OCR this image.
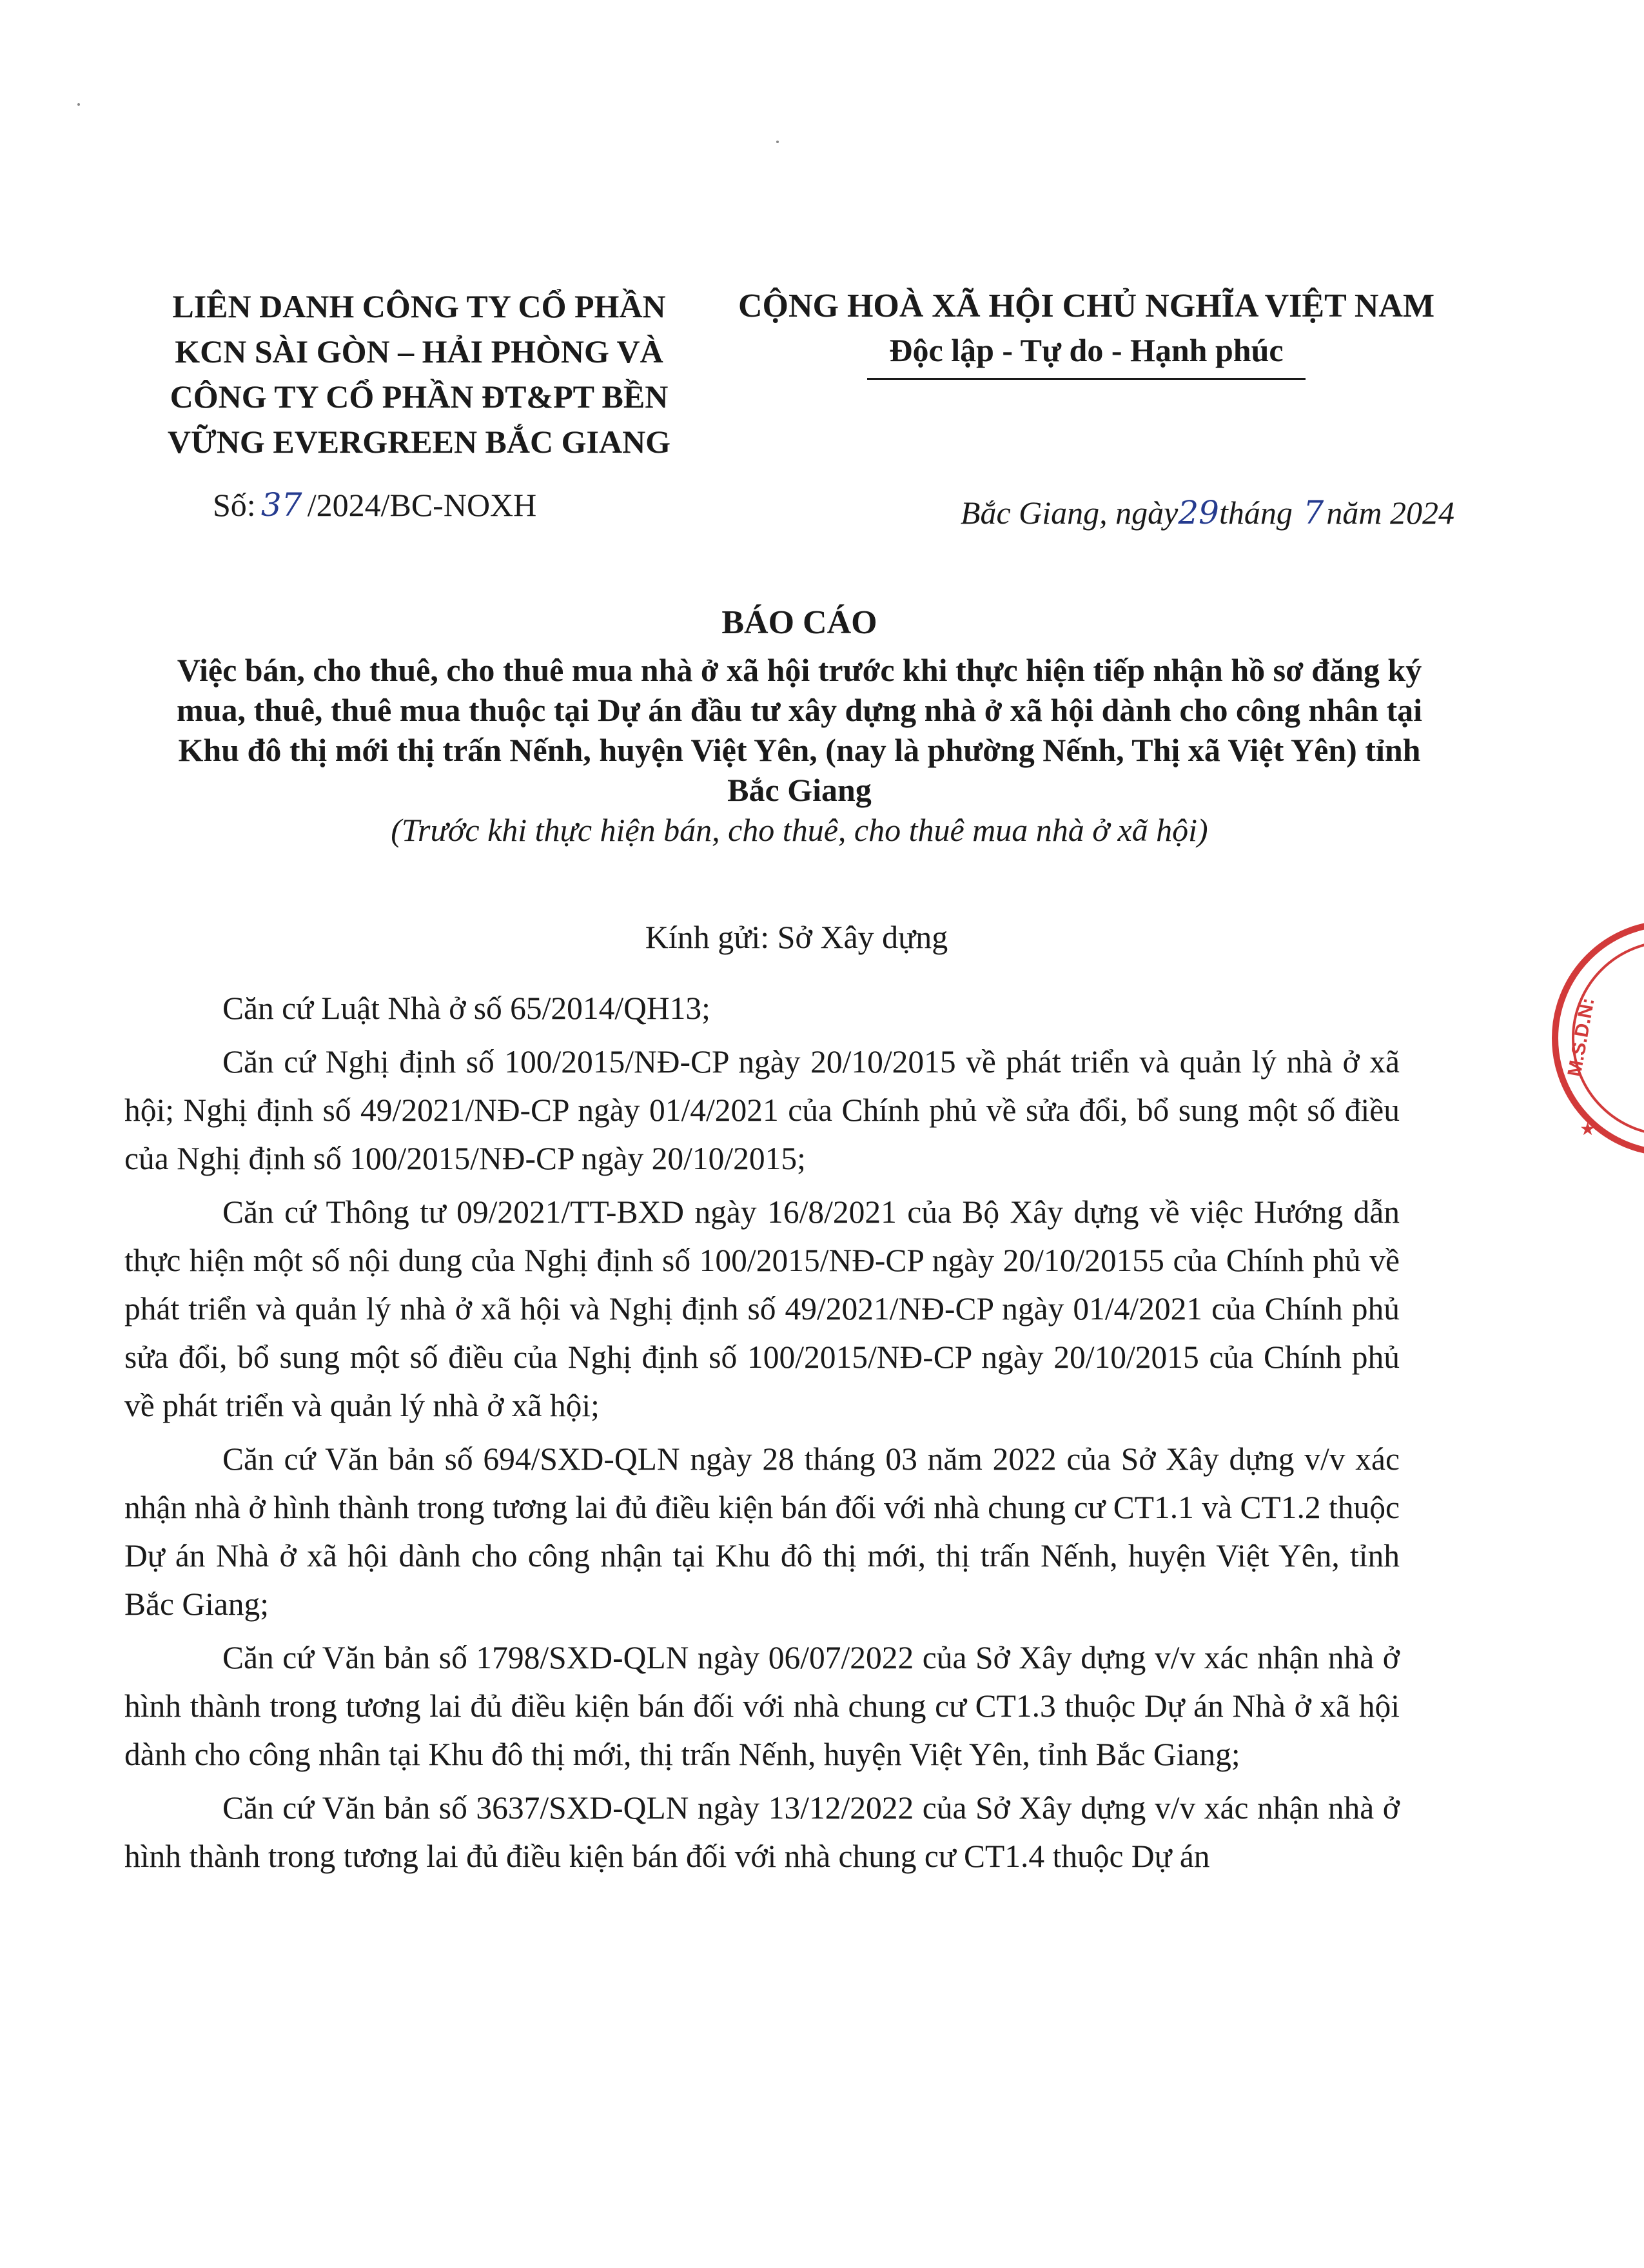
LIÊN DANH CÔNG TY CỔ PHẦN
KCN SÀI GÒN – HẢI PHÒNG VÀ
CÔNG TY CỔ PHẦN ĐT&PT BỀN
VỮNG EVERGREEN BẮC GIANG
Số: 37 /2024/BC-NOXH
CỘNG HOÀ XÃ HỘI CHỦ NGHĨA VIỆT NAM
Độc lập - Tự do - Hạnh phúc
Bắc Giang, ngày29tháng 7năm 2024
BÁO CÁO
Việc bán, cho thuê, cho thuê mua nhà ở xã hội trước khi thực hiện tiếp nhận hồ sơ đăng ký mua, thuê, thuê mua thuộc tại Dự án đầu tư xây dựng nhà ở xã hội dành cho công nhân tại Khu đô thị mới thị trấn Nếnh, huyện Việt Yên, (nay là phường Nếnh, Thị xã Việt Yên) tỉnh Bắc Giang
(Trước khi thực hiện bán, cho thuê, cho thuê mua nhà ở xã hội)
Kính gửi: Sở Xây dựng

Căn cứ Luật Nhà ở số 65/2014/QH13;

Căn cứ Nghị định số 100/2015/NĐ-CP ngày 20/10/2015 về phát triển và quản lý nhà ở xã hội; Nghị định số 49/2021/NĐ-CP ngày 01/4/2021 của Chính phủ về sửa đổi, bổ sung một số điều của Nghị định số 100/2015/NĐ-CP ngày 20/10/2015;

Căn cứ Thông tư 09/2021/TT-BXD ngày 16/8/2021 của Bộ Xây dựng về việc Hướng dẫn thực hiện một số nội dung của Nghị định số 100/2015/NĐ-CP ngày 20/10/20155 của Chính phủ về phát triển và quản lý nhà ở xã hội và Nghị định số 49/2021/NĐ-CP ngày 01/4/2021 của Chính phủ sửa đổi, bổ sung một số điều của Nghị định số 100/2015/NĐ-CP ngày 20/10/2015 của Chính phủ về phát triển và quản lý nhà ở xã hội;

Căn cứ Văn bản số 694/SXD-QLN ngày 28 tháng 03 năm 2022 của Sở Xây dựng v/v xác nhận nhà ở hình thành trong tương lai đủ điều kiện bán đối với nhà chung cư CT1.1 và CT1.2 thuộc Dự án Nhà ở xã hội dành cho công nhận tại Khu đô thị mới, thị trấn Nếnh, huyện Việt Yên, tỉnh Bắc Giang;

Căn cứ Văn bản số 1798/SXD-QLN ngày 06/07/2022 của Sở Xây dựng v/v xác nhận nhà ở hình thành trong tương lai đủ điều kiện bán đối với nhà chung cư CT1.3 thuộc Dự án Nhà ở xã hội dành cho công nhân tại Khu đô thị mới, thị trấn Nếnh, huyện Việt Yên, tỉnh Bắc Giang;

Căn cứ Văn bản số 3637/SXD-QLN ngày 13/12/2022 của Sở Xây dựng v/v xác nhận nhà ở hình thành trong tương lai đủ điều kiện bán đối với nhà chung cư CT1.4 thuộc Dự án

M.S.D.N:
★
